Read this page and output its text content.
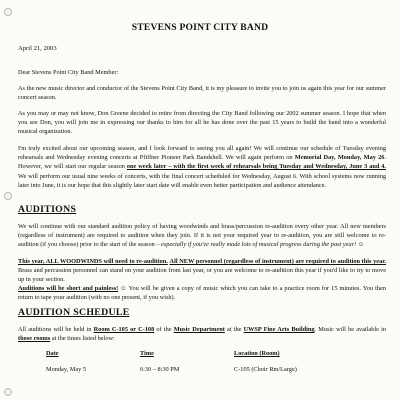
STEVENS POINT CITY BAND
April 21, 2003

Dear Stevens Point City Band Member:

As the new music director and conductor of the Stevens Point City Band, it is my pleasure to invite you to join us again this year for our summer concert season.

As you may or may not know, Don Greene decided to retire from directing the City Band following our 2002 summer season. I hope that when you see Don, you will join me in expressing our thanks to him for all he has done over the past 15 years to build the band into a wonderful musical organization.

I'm truly excited about our upcoming season, and I look forward to seeing you all again! We will continue our schedule of Tuesday evening rehearsals and Wednesday evening concerts at Pfiffner Pioneer Park Bandshell. We will again perform on Memorial Day, Monday, May 26. However, we will start our regular season one week later – with the first week of rehearsals being Tuesday and Wednesday, June 3 and 4. We will perform our usual nine weeks of concerts, with the final concert scheduled for Wednesday, August 6. With school systems now running later into June, it is our hope that this slightly later start date will enable even better participation and audience attendance.

AUDITIONS

We will continue with our standard audition policy of having woodwinds and brass/percussion re-audition every other year. All new members (regardless of instrument) are required to audition when they join. If it is not your required year to re-audition, you are still welcome to re-audition (if you choose) prior to the start of the season – especially if you've really made lots of musical progress during the past year! ☺

This year, ALL WOODWINDS will need to re-audition. All NEW personnel (regardless of instrument) are required to audition this year. Brass and percussion personnel can stand on your audition from last year, or you are welcome to re-audition this year if you'd like to try to move up in your section.

Auditions will be short and painless! ☺ You will be given a copy of music which you can take to a practice room for 15 minutes. You then return to tape your audition (with no one present, if you wish).

AUDITION SCHEDULE

All auditions will be held in Room C-105 or C-108 of the Music Department at the UWSP Fine Arts Building. Music will be available in those rooms at the times listed below:

Date	Time	Location (Room)
Monday, May 5	6:30 – 8:30 PM	C-105 (Choir Rm/Large)
